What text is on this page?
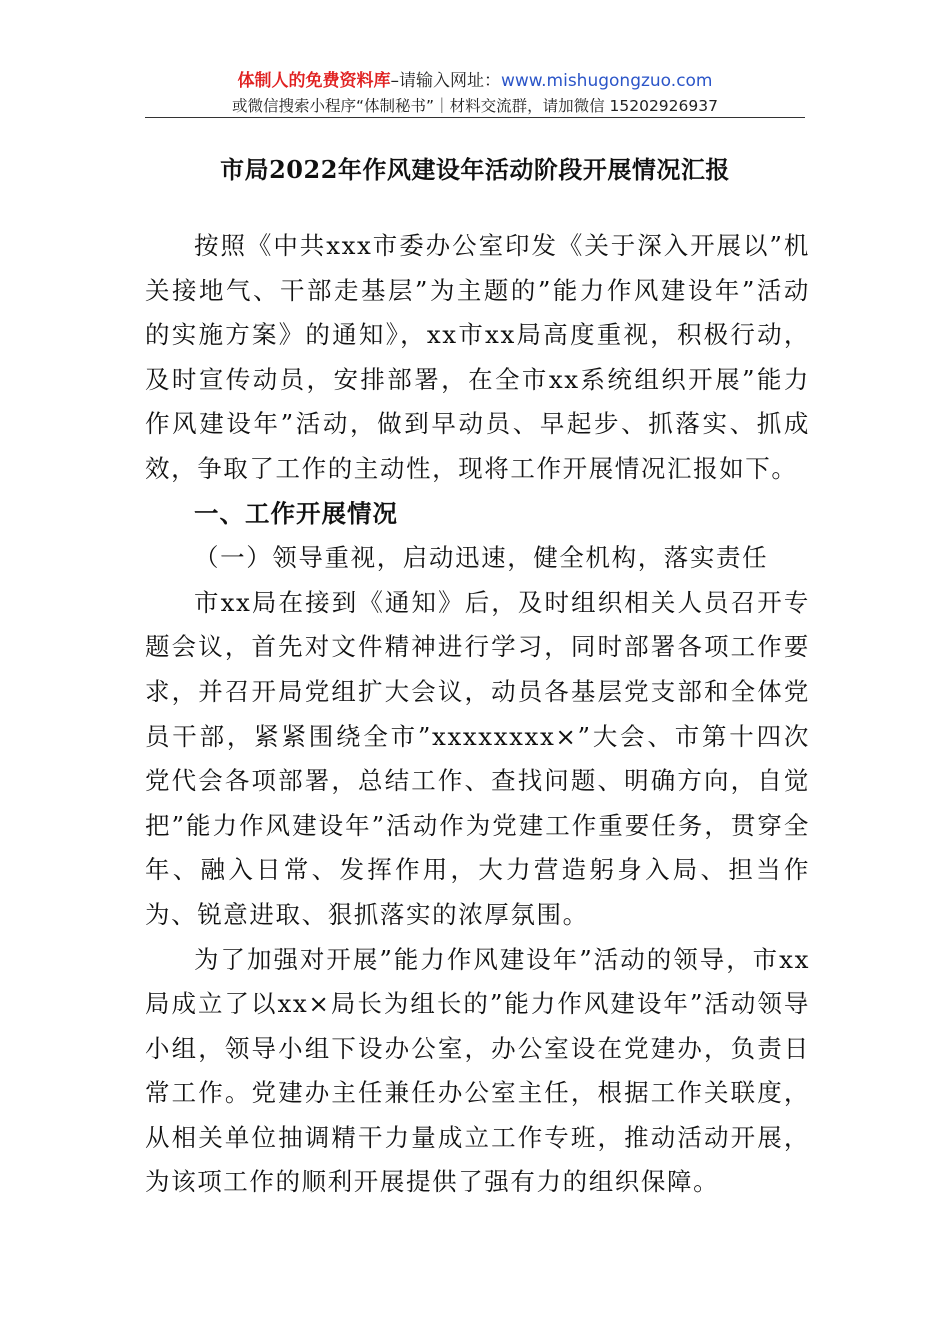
体制人的免费资料库–请输入网址：www.mishugongzuo.com
或微信搜索小程序“体制秘书”｜材料交流群，请加微信 15202926937
市局2022年作风建设年活动阶段开展情况汇报

按照《中共xxx市委办公室印发《关于深入开展以”机关接地气、干部走基层”为主题的”能力作风建设年”活动的实施方案》的通知》，xx市xx局高度重视，积极行动，及时宣传动员，安排部署，在全市xx系统组织开展”能力作风建设年”活动，做到早动员、早起步、抓落实、抓成效，争取了工作的主动性，现将工作开展情况汇报如下。

一、工作开展情况

（一）领导重视，启动迅速，健全机构，落实责任

市xx局在接到《通知》后，及时组织相关人员召开专题会议，首先对文件精神进行学习，同时部署各项工作要求，并召开局党组扩大会议，动员各基层党支部和全体党员干部，紧紧围绕全市”xxxxxxxx×”大会、市第十四次党代会各项部署，总结工作、查找问题、明确方向，自觉把”能力作风建设年”活动作为党建工作重要任务，贯穿全年、融入日常、发挥作用，大力营造躬身入局、担当作为、锐意进取、狠抓落实的浓厚氛围。

为了加强对开展”能力作风建设年”活动的领导，市xx局成立了以xx×局长为组长的”能力作风建设年”活动领导小组，领导小组下设办公室，办公室设在党建办，负责日常工作。党建办主任兼任办公室主任，根据工作关联度，从相关单位抽调精干力量成立工作专班，推动活动开展，为该项工作的顺利开展提供了强有力的组织保障。
